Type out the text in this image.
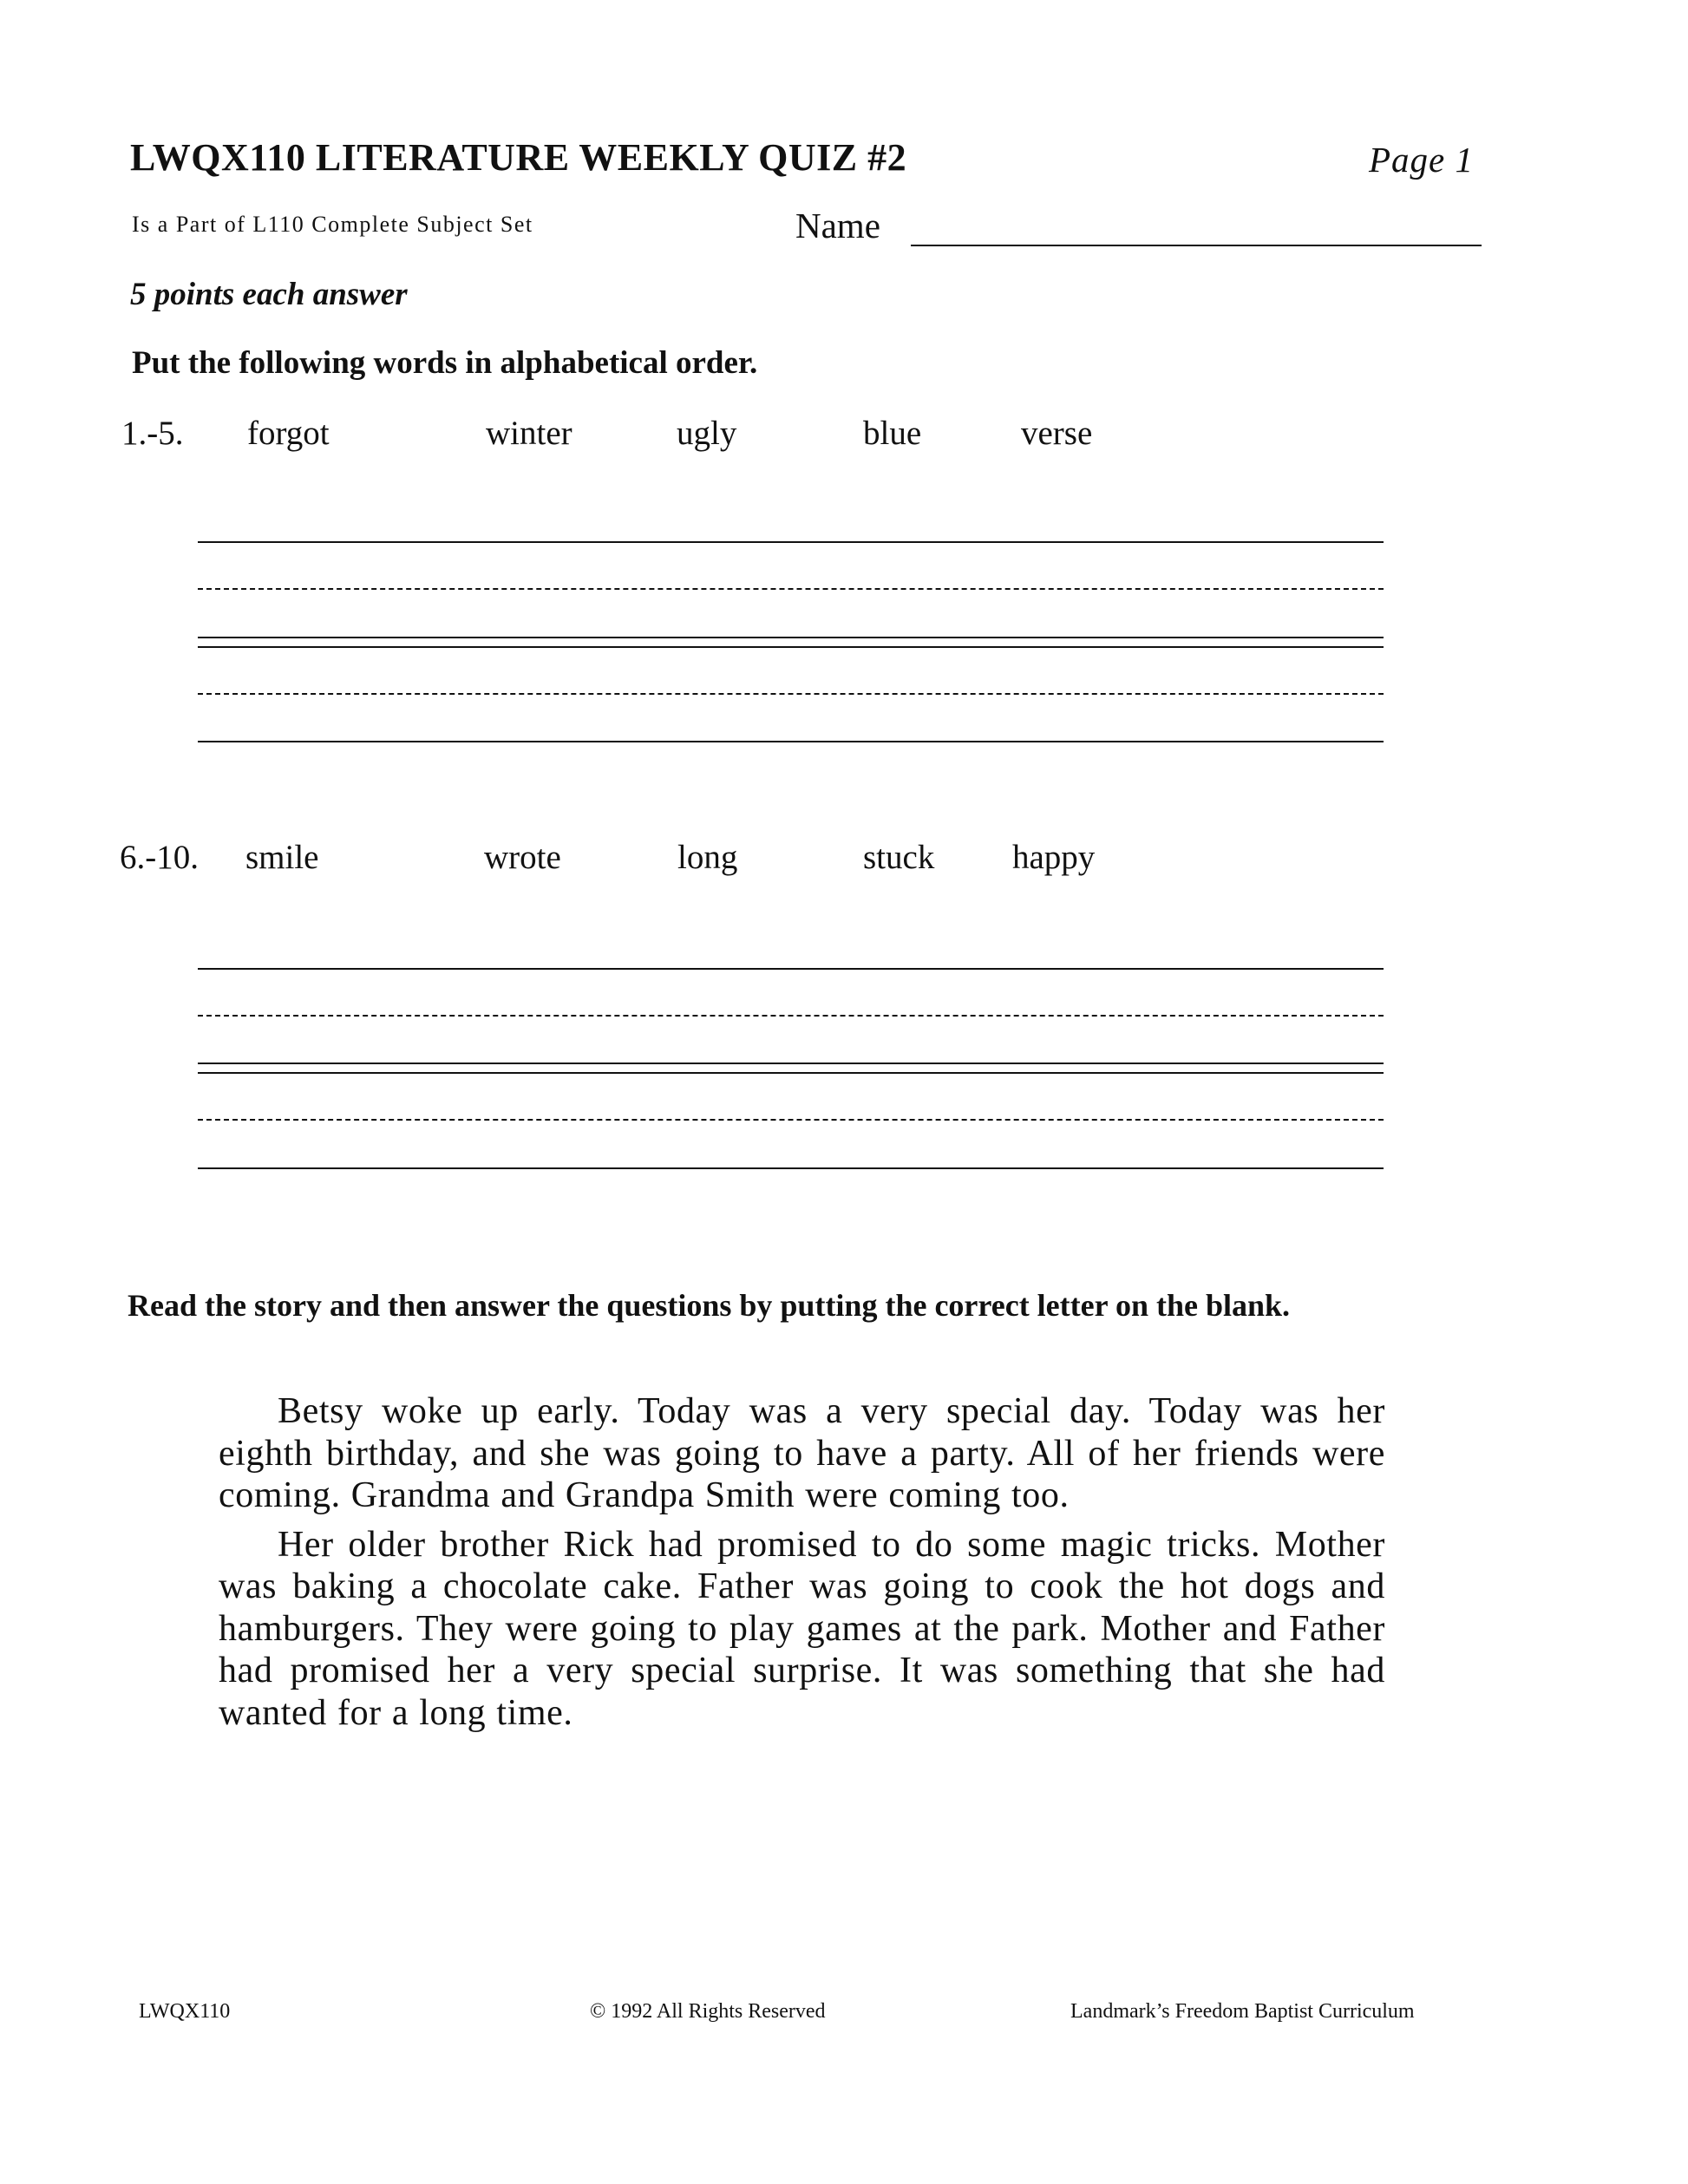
LWQX110 LITERATURE WEEKLY QUIZ #2	Page 1
Is a Part of L110 Complete Subject Set	Name
5 points each answer
Put the following words in alphabetical order.
1.-5. forgot	winter	ugly	blue	verse
6.-10. smile	wrote	long	stuck happy
Read the story and then answer the questions by putting the correct letter on the blank.

Betsy woke up early. Today was a very special day. Today was her eighth birthday, and she was going to have a party. All of her friends were coming. Grandma and Grandpa Smith were coming too.

Her older brother Rick had promised to do some magic tricks. Mother was baking a chocolate cake. Father was going to cook the hot dogs and hamburgers. They were going to play games at the park. Mother and Father had promised her a very special surprise. It was something that she had wanted for a long time.

LWQX110	© 1992 All Rights Reserved	Landmark’s Freedom Baptist Curriculum
